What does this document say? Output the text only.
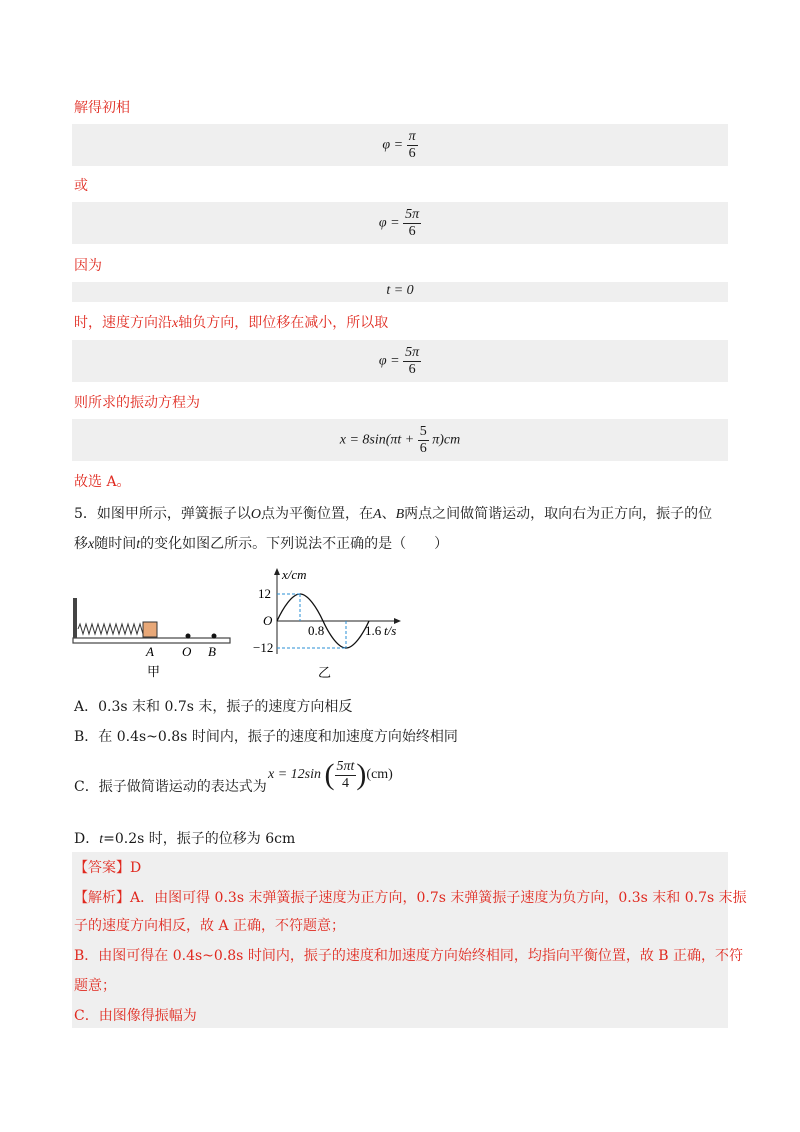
解得初相
$\varphi = \frac{\pi}{6}$
或
$\varphi = \frac{5\pi}{6}$
因为
t = 0
时，速度方向沿x轴负方向，即位移在减小，所以取
$\varphi = \frac{5\pi}{6}$
则所求的振动方程为
$x = 8\sin(\pi t + \frac{5}{6} \pi)cm$
故选 A。
5．如图甲所示，弹簧振子以O点为平衡位置，在A、B两点之间做简谐运动，取向右为正方向，振子的位
移x随时间t的变化如图乙所示。下列说法不正确的是（　　）
A O B
甲
x/cm
12
O
−12
0.8	1.6 t/s
乙
A．0.3s 末和 0.7s 末，振子的速度方向相反
B．在 0.4s~0.8s 时间内，振子的速度和加速度方向始终相同
C．振子做简谐运动的表达式为
x = 12sin ( $\frac{5\pi t}{4} )(cm)$
D．t=0.2s 时，振子的位移为 6cm
【答案】D
【解析】A．由图可得 0.3s 末弹簧振子速度为正方向，0.7s 末弹簧振子速度为负方向，0.3s 末和 0.7s 末振
子的速度方向相反，故 A 正确，不符题意；
B．由图可得在 0.4s~0.8s 时间内，振子的速度和加速度方向始终相同，均指向平衡位置，故 B 正确，不符
题意；
C．由图像得振幅为
